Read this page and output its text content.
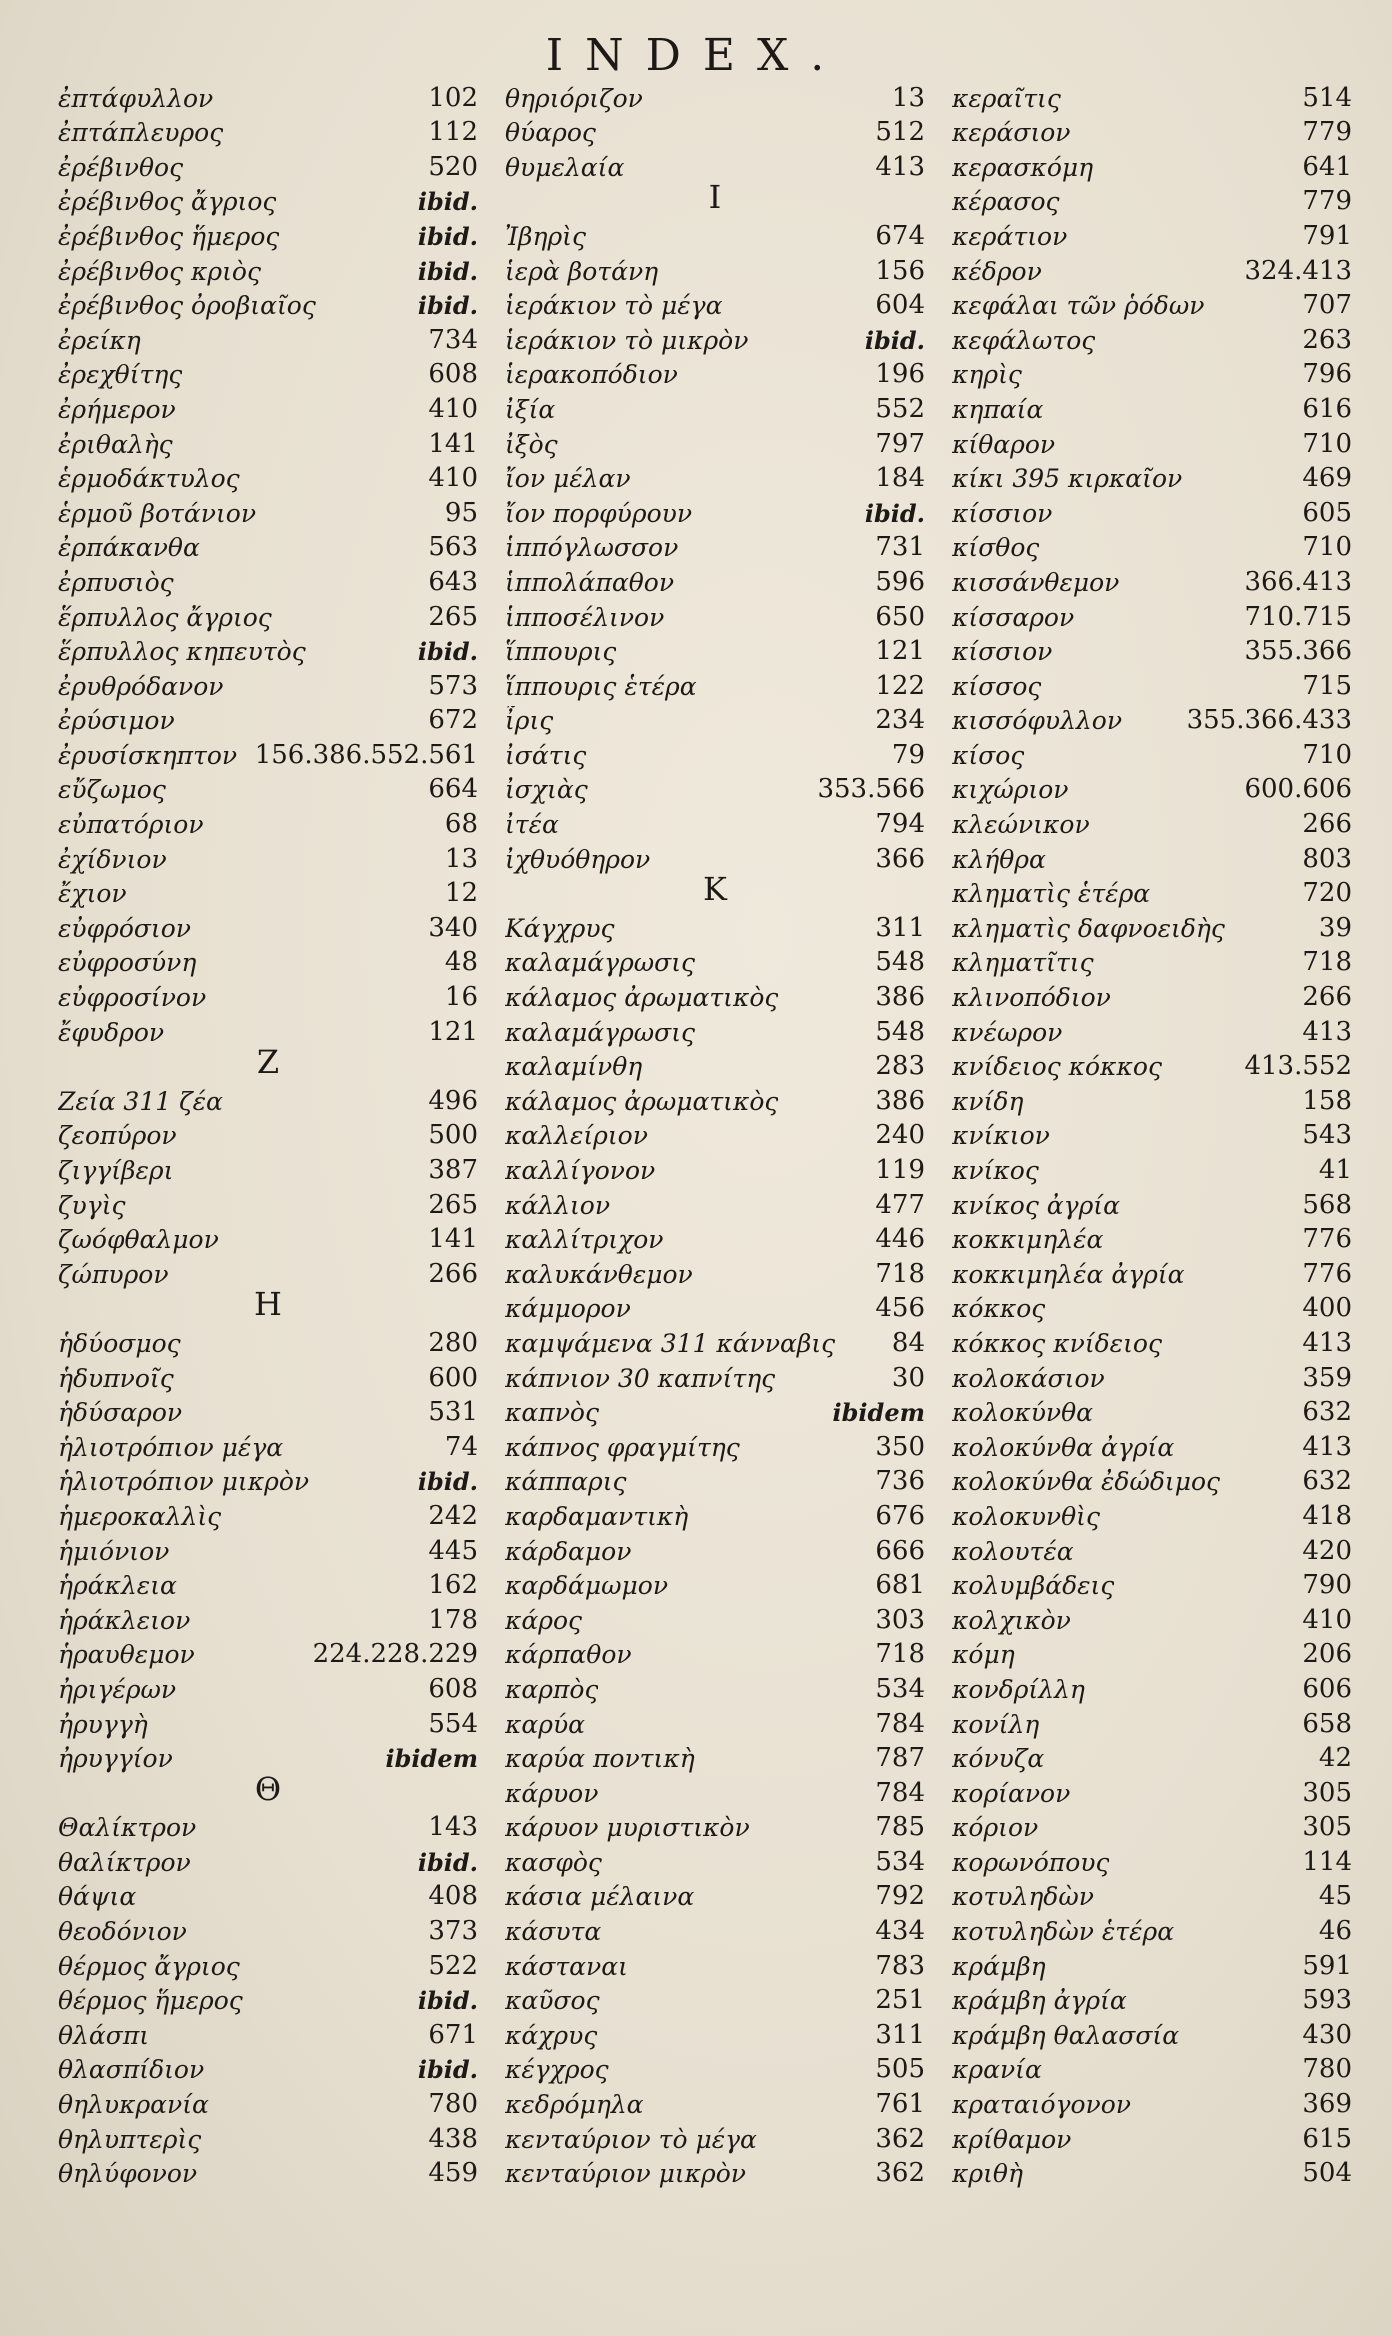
INDEX.
ἐπτάφυλλον	102
ἐπτάπλευρος	112
ἐρέβινθος	520
ἐρέβινθος ἄγριος	ibid.
ἐρέβινθος ἥμερος	ibid.
ἐρέβινθος κριὸς	ibid.
ἐρέβινθος ὀροβιαῖος	ibid.
ἐρείκη	734
ἐρεχθίτης	608
ἐρήμερον	410
ἐριθαλὴς	141
ἑρμοδάκτυλος	410
ἑρμοῦ βοτάνιον	95
ἐρπάκανθα	563
ἐρπυσιὸς	643
ἕρπυλλος ἄγριος	265
ἕρπυλλος κηπευτὸς	ibid.
ἐρυθρόδανον	573
ἐρύσιμον	672
ἐρυσίσκηπτον 156.386.552.561
εὔζωμος	664
εὐπατόριον	68
ἐχίδνιον	13
ἔχιον	12
εὐφρόσιον	340
εὐφροσύνη	48
εὐφροσίνον	16
ἔφυδρον	121
Z
Ζεία 311 ζέα	496
ζεοπύρον	500
ζιγγίβερι	387
ζυγὶς	265
ζωόφθαλμον	141
ζώπυρον	266
H
ἡδύοσμος	280
ἡδυπνοῖς	600
ἡδύσαρον	531
ἡλιοτρόπιον μέγα	74
ἡλιοτρόπιον μικρὸν	ibid.
ἡμεροκαλλὶς	242
ἡμιόνιον	445
ἡράκλεια	162
ἡράκλειον	178
ἡραυθεμον	224.228.229
ἠριγέρων	608
ἠρυγγὴ	554
ἠρυγγίον	ibidem
Θ
Θαλίκτρον	143
θαλίκτρον	ibid.
θάψια	408
θεοδόνιον	373
θέρμος ἄγριος	522
θέρμος ἥμερος	ibid.
θλάσπι	671
θλασπίδιον	ibid.
θηλυκρανία	780
θηλυπτερὶς	438
θηλύφονον	459
θηριόριζον	13
θύαρος	512
θυμελαία	413
I
Ἰβηρὶς	674
ἱερὰ βοτάνη	156
ἱεράκιον τὸ μέγα	604
ἱεράκιον τὸ μικρὸν	ibid.
ἱερακοπόδιον	196
ἰξία	552
ἰξὸς	797
ἴον μέλαν	184
ἴον πορφύρουν	ibid.
ἱππόγλωσσον	731
ἱππολάπαθον	596
ἱπποσέλινον	650
ἵππουρις	121
ἵππουρις ἑτέρα	122
ἶρις	234
ἰσάτις	79
ἰσχιὰς	353.566
ἰτέα	794
ἰχθυόθηρον	366
K
Κάγχρυς	311
καλαμάγρωσις	548
κάλαμος ἀρωματικὸς	386
καλαμάγρωσις	548
καλαμίνθη	283
κάλαμος ἀρωματικὸς	386
καλλείριον	240
καλλίγονον	119
κάλλιον	477
καλλίτριχον	446
καλυκάνθεμον	718
κάμμορον	456
καμψάμενα 311 κάνναβις 84
κάπνιον 30 καπνίτης	30
καπνὸς	ibidem
κάπνος φραγμίτης	350
κάππαρις	736
καρδαμαντικὴ	676
κάρδαμον	666
καρδάμωμον	681
κάρος	303
κάρπαθον	718
καρπὸς	534
καρύα	784
καρύα ποντικὴ	787
κάρυον	784
κάρυον μυριστικὸν	785
κασφὸς	534
κάσια μέλαινα	792
κάσυτα	434
κάσταναι	783
καῦσος	251
κάχρυς	311
κέγχρος	505
κεδρόμηλα	761
κενταύριον τὸ μέγα	362
κενταύριον μικρὸν	362
κεραῖτις	514
κεράσιον	779
κερασκόμη	641
κέρασος	779
κεράτιον	791
κέδρον	324.413
κεφάλαι τῶν ῥόδων	707
κεφάλωτος	263
κηρὶς	796
κηπαία	616
κίθαρον	710
κίκι 395 κιρκαῖον	469
κίσσιον	605
κίσθος	710
κισσάνθεμον	366.413
κίσσαρον	710.715
κίσσιον	355.366
κίσσος	715
κισσόφυλλον 355.366.433
κίσος	710
κιχώριον	600.606
κλεώνικον	266
κλήθρα	803
κληματὶς ἑτέρα	720
κληματὶς δαφνοειδὴς	39
κληματῖτις	718
κλινοπόδιον	266
κνέωρον	413
κνίδειος κόκκος	413.552
κνίδη	158
κνίκιον	543
κνίκος	41
κνίκος ἀγρία	568
κοκκιμηλέα	776
κοκκιμηλέα ἀγρία	776
κόκκος	400
κόκκος κνίδειος	413
κολοκάσιον	359
κολοκύνθα	632
κολοκύνθα ἀγρία	413
κολοκύνθα ἐδώδιμος	632
κολοκυνθὶς	418
κολουτέα	420
κολυμβάδεις	790
κολχικὸν	410
κόμη	206
κονδρίλλη	606
κονίλη	658
κόνυζα	42
κορίανον	305
κόριον	305
κορωνόπους	114
κοτυληδὼν	45
κοτυληδὼν ἑτέρα	46
κράμβη	591
κράμβη ἀγρία	593
κράμβη θαλασσία	430
κρανία	780
κραταιόγονον	369
κρίθαμον	615
κριθὴ	504
